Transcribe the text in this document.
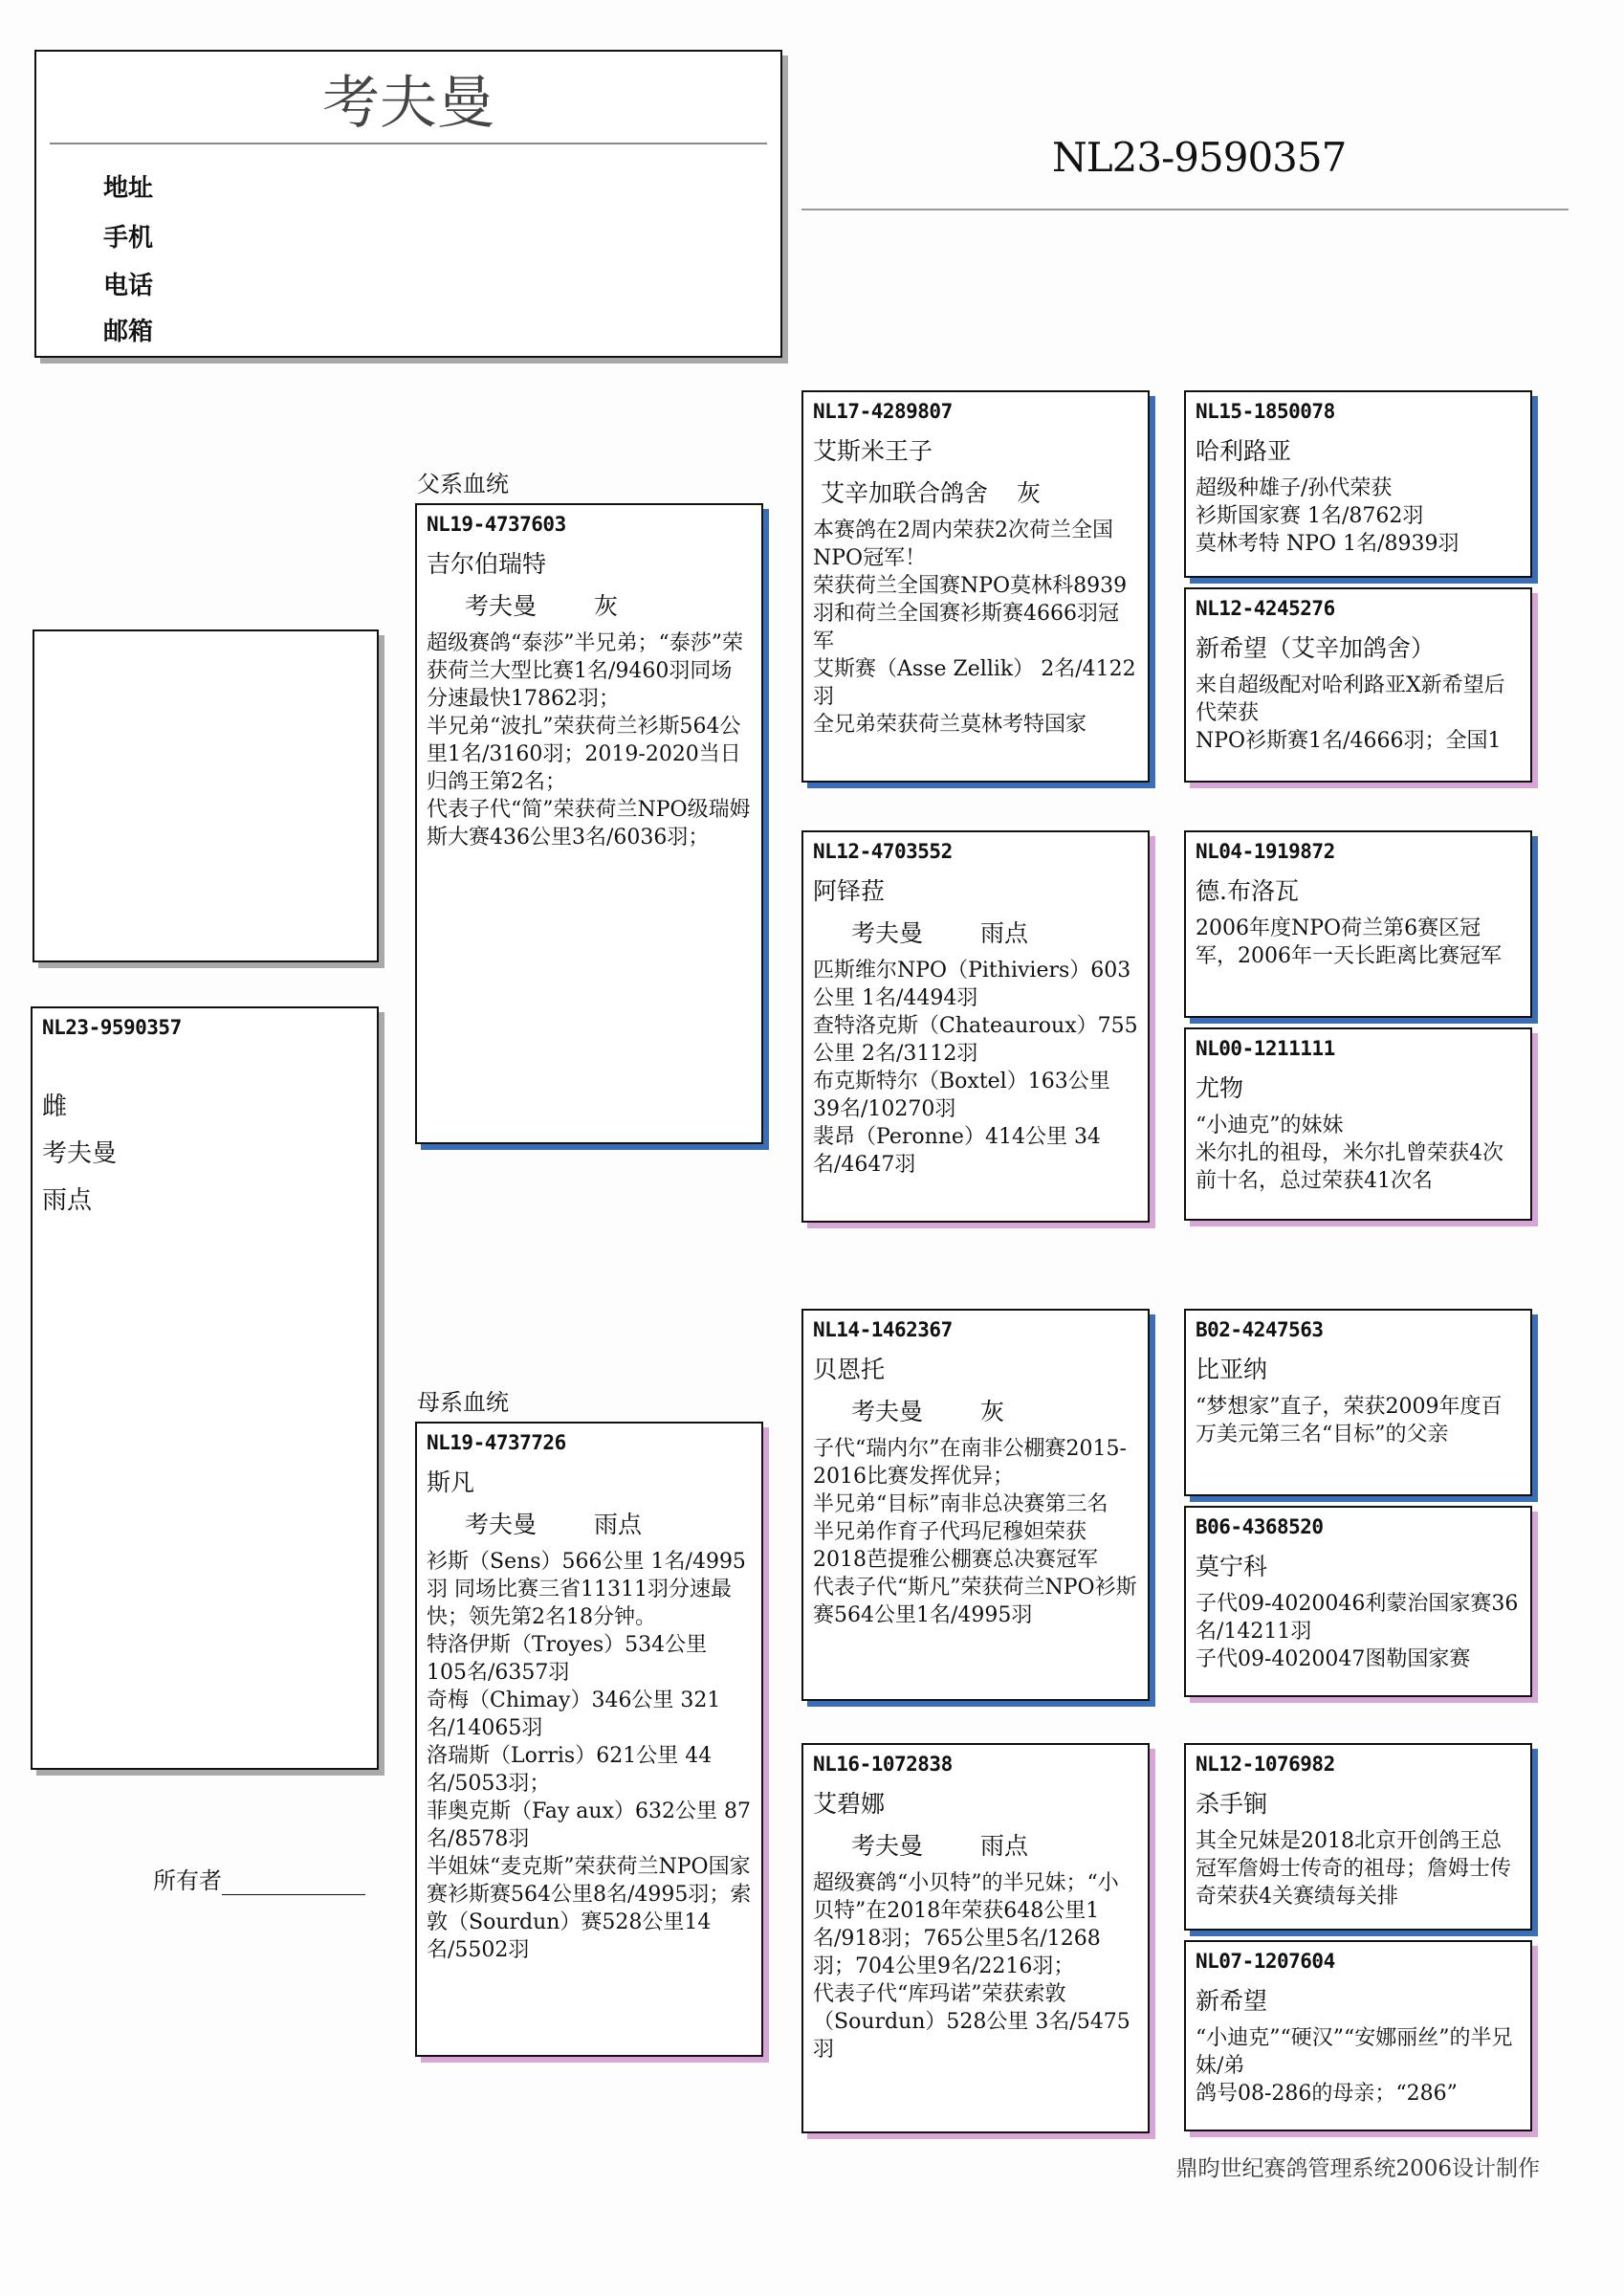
考夫曼
地址
手机
电话
邮箱
NL23-9590357
NL23-9590357
雌
考夫曼
雨点
所有者
父系血统
母系血统
NL19-4737603
吉尔伯瑞特
考夫曼 灰
超级赛鸽“泰莎”半兄弟；“泰莎”荣获荷兰大型比赛1名/9460羽同场分速最快17862羽；
半兄弟“波扎”荣获荷兰衫斯564公里1名/3160羽；2019-2020当日归鸽王第2名；
代表子代“简”荣获荷兰NPO级瑞姆斯大赛436公里3名/6036羽；
NL19-4737726
斯凡
考夫曼 雨点
衫斯（Sens）566公里 1名/4995羽 同场比赛三省11311羽分速最快；领先第2名18分钟。
特洛伊斯（Troyes）534公里 105名/6357羽
奇梅（Chimay）346公里 321名/14065羽
洛瑞斯（Lorris）621公里 44名/5053羽；
菲奥克斯（Fay aux）632公里 87名/8578羽
半姐妹“麦克斯”荣获荷兰NPO国家赛衫斯赛564公里8名/4995羽；索敦（Sourdun）赛528公里14名/5502羽
NL17-4289807
艾斯米王子
艾辛加联合鸽舍 灰
本赛鸽在2周内荣获2次荷兰全国NPO冠军！
荣获荷兰全国赛NPO莫林科8939羽和荷兰全国赛衫斯赛4666羽冠军
艾斯赛（Asse Zellik） 2名/4122羽
全兄弟荣获荷兰莫林考特国家
NL12-4703552
阿铎菈
考夫曼 雨点
匹斯维尔NPO（Pithiviers）603公里 1名/4494羽
查特洛克斯（Chateauroux）755公里 2名/3112羽
布克斯特尔（Boxtel）163公里 39名/10270羽
裴昂（Peronne）414公里 34名/4647羽
NL14-1462367
贝恩托
考夫曼 灰
子代“瑞内尔”在南非公棚赛2015-2016比赛发挥优异；
半兄弟“目标”南非总决赛第三名
半兄弟作育子代玛尼穆妲荣获2018芭提雅公棚赛总决赛冠军
代表子代“斯凡”荣获荷兰NPO衫斯赛564公里1名/4995羽
NL16-1072838
艾碧娜
考夫曼 雨点
超级赛鸽“小贝特”的半兄妹；“小贝特”在2018年荣获648公里1名/918羽；765公里5名/1268羽；704公里9名/2216羽；
代表子代“库玛诺”荣获索敦（Sourdun）528公里 3名/5475羽
NL15-1850078
哈利路亚
超级种雄子/孙代荣获
衫斯国家赛 1名/8762羽
莫林考特 NPO 1名/8939羽
NL12-4245276
新希望（艾辛加鸽舍）
来自超级配对哈利路亚X新希望后代荣获
NPO衫斯赛1名/4666羽；全国1
NL04-1919872
德.布洛瓦
2006年度NPO荷兰第6赛区冠军，2006年一天长距离比赛冠军
NL00-1211111
尤物
“小迪克”的妹妹
米尔扎的祖母，米尔扎曾荣获4次前十名，总过荣获41次名
B02-4247563
比亚纳
“梦想家”直子，荣获2009年度百万美元第三名“目标”的父亲
B06-4368520
莫宁科
子代09-4020046利蒙治国家赛36名/14211羽
子代09-4020047图勒国家赛
NL12-1076982
杀手锏
其全兄妹是2018北京开创鸽王总冠军詹姆士传奇的祖母；詹姆士传奇荣获4关赛绩每关排
NL07-1207604
新希望
“小迪克”“硬汉”“安娜丽丝”的半兄妹/弟
鸽号08-286的母亲；“286”
鼎昀世纪赛鸽管理系统2006设计制作
